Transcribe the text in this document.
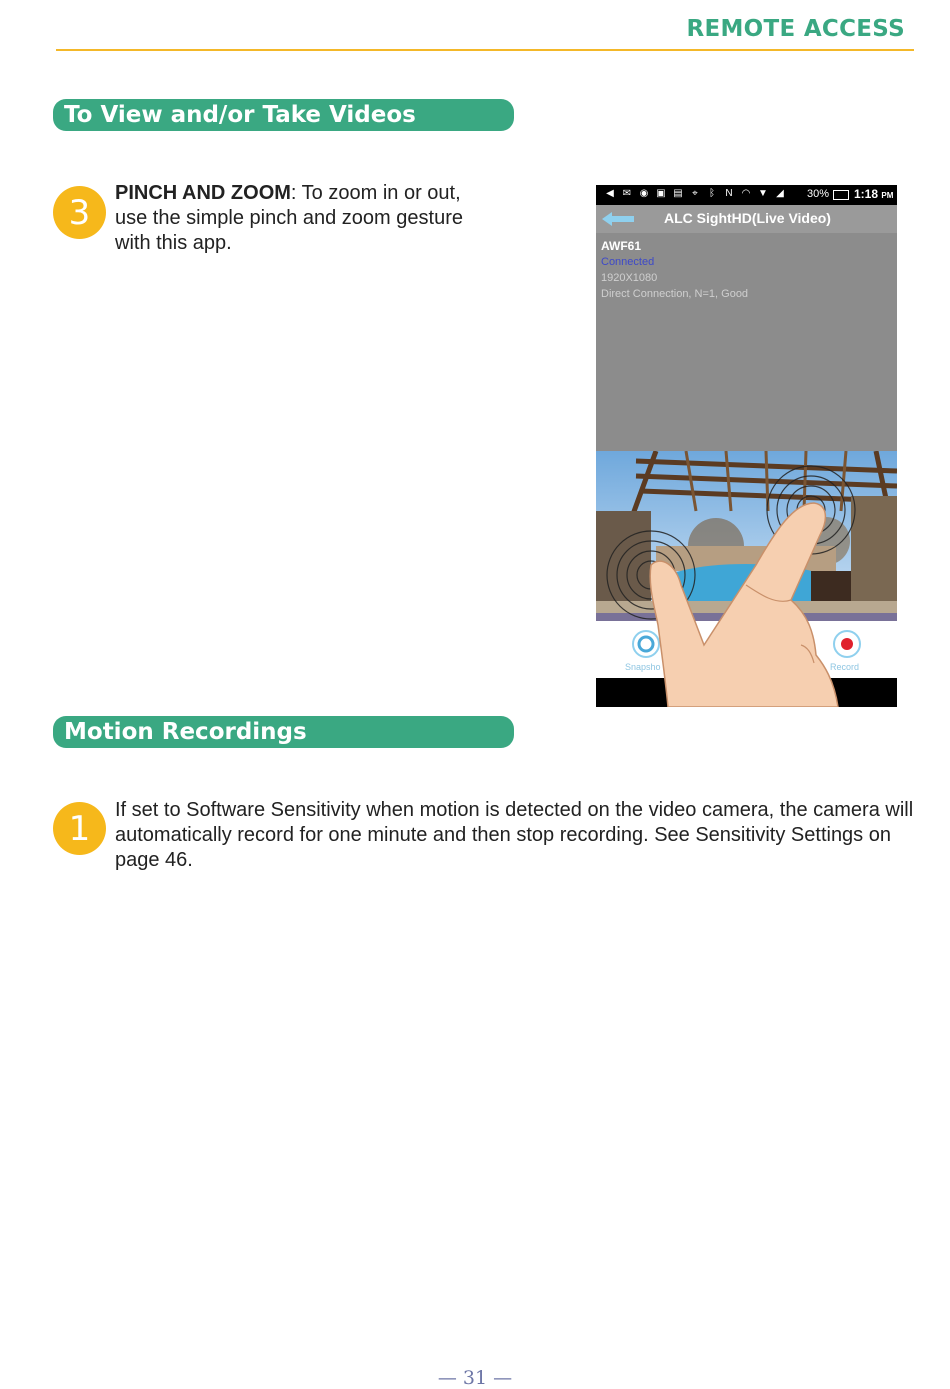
REMOTE ACCESS
To View and/or Take Videos
3	PINCH AND ZOOM: To zoom in or out, use the simple pinch and zoom gesture with this app.
◀ ✉ ◉ ▣ ▤ ⌖	ᛒ	N ◠ ▼ ◢ 30% 1:18 PM
ALC SightHD(Live Video)
AWF61
Connected
1920X1080
Direct Connection, N=1, Good
Snapsho	Record
Motion Recordings
1	If set to Software Sensitivity when motion is detected on the video camera, the camera will automatically record for one minute and then stop recording. See Sensitivity Settings on page 46.
— 31 —
